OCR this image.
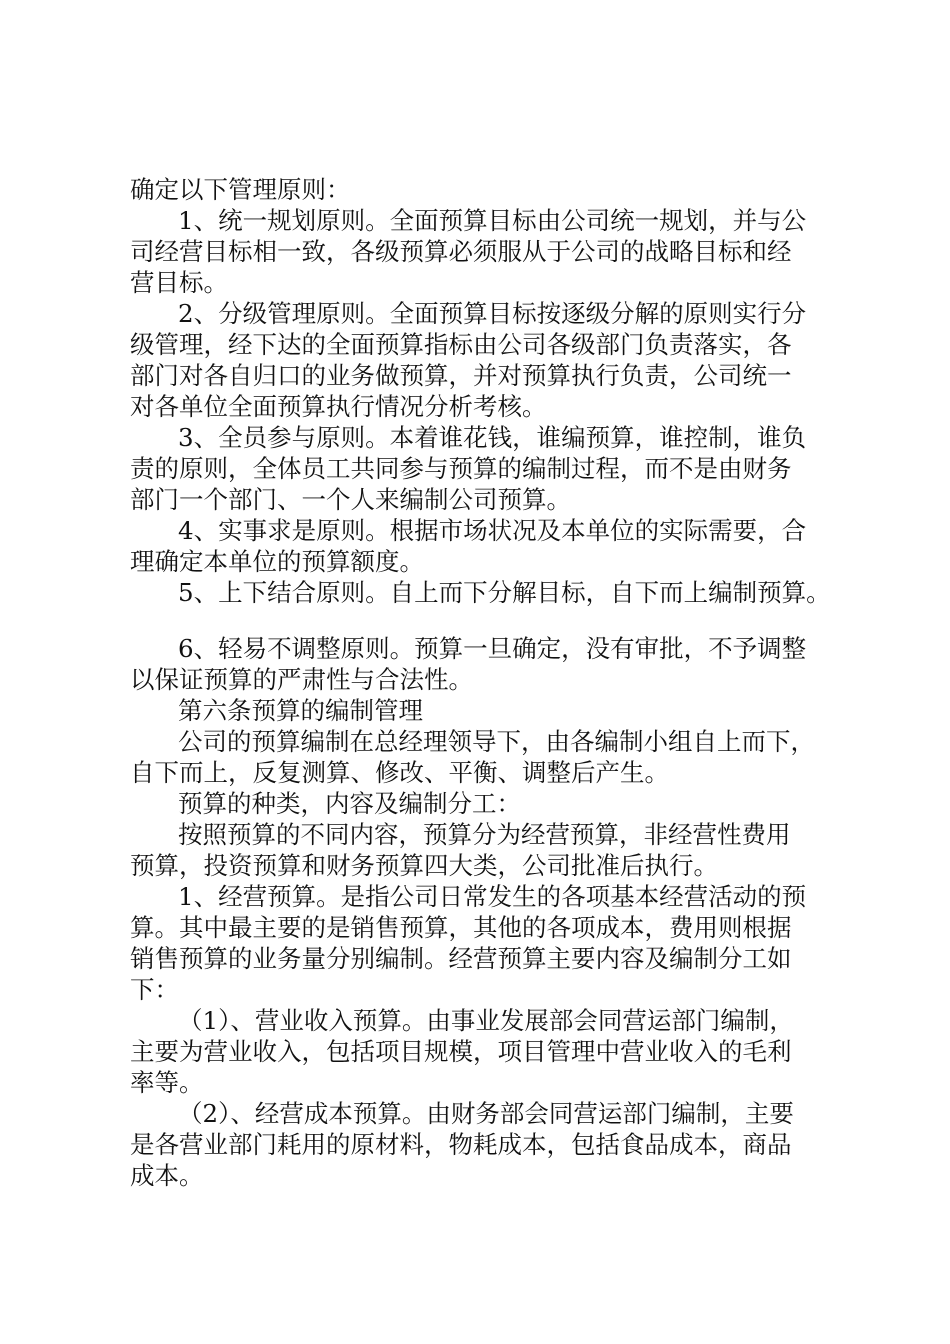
确定以下管理原则：

1、统一规划原则。全面预算目标由公司统一规划，并与公

司经营目标相一致，各级预算必须服从于公司的战略目标和经

营目标。

2、分级管理原则。全面预算目标按逐级分解的原则实行分

级管理，经下达的全面预算指标由公司各级部门负责落实，各

部门对各自归口的业务做预算，并对预算执行负责，公司统一

对各单位全面预算执行情况分析考核。

3、全员参与原则。本着谁花钱，谁编预算，谁控制，谁负

责的原则，全体员工共同参与预算的编制过程，而不是由财务

部门一个部门、一个人来编制公司预算。

4、实事求是原则。根据市场状况及本单位的实际需要，合

理确定本单位的预算额度。

5、上下结合原则。自上而下分解目标，自下而上编制预算。

6、轻易不调整原则。预算一旦确定，没有审批，不予调整

以保证预算的严肃性与合法性。

第六条预算的编制管理

公司的预算编制在总经理领导下，由各编制小组自上而下，

自下而上，反复测算、修改、平衡、调整后产生。

预算的种类，内容及编制分工：

按照预算的不同内容，预算分为经营预算，非经营性费用

预算，投资预算和财务预算四大类，公司批准后执行。

1、经营预算。是指公司日常发生的各项基本经营活动的预

算。其中最主要的是销售预算，其他的各项成本，费用则根据

销售预算的业务量分别编制。经营预算主要内容及编制分工如

下：

（1）、营业收入预算。由事业发展部会同营运部门编制，

主要为营业收入，包括项目规模，项目管理中营业收入的毛利

率等。

（2）、经营成本预算。由财务部会同营运部门编制，主要

是各营业部门耗用的原材料，物耗成本，包括食品成本，商品

成本。
